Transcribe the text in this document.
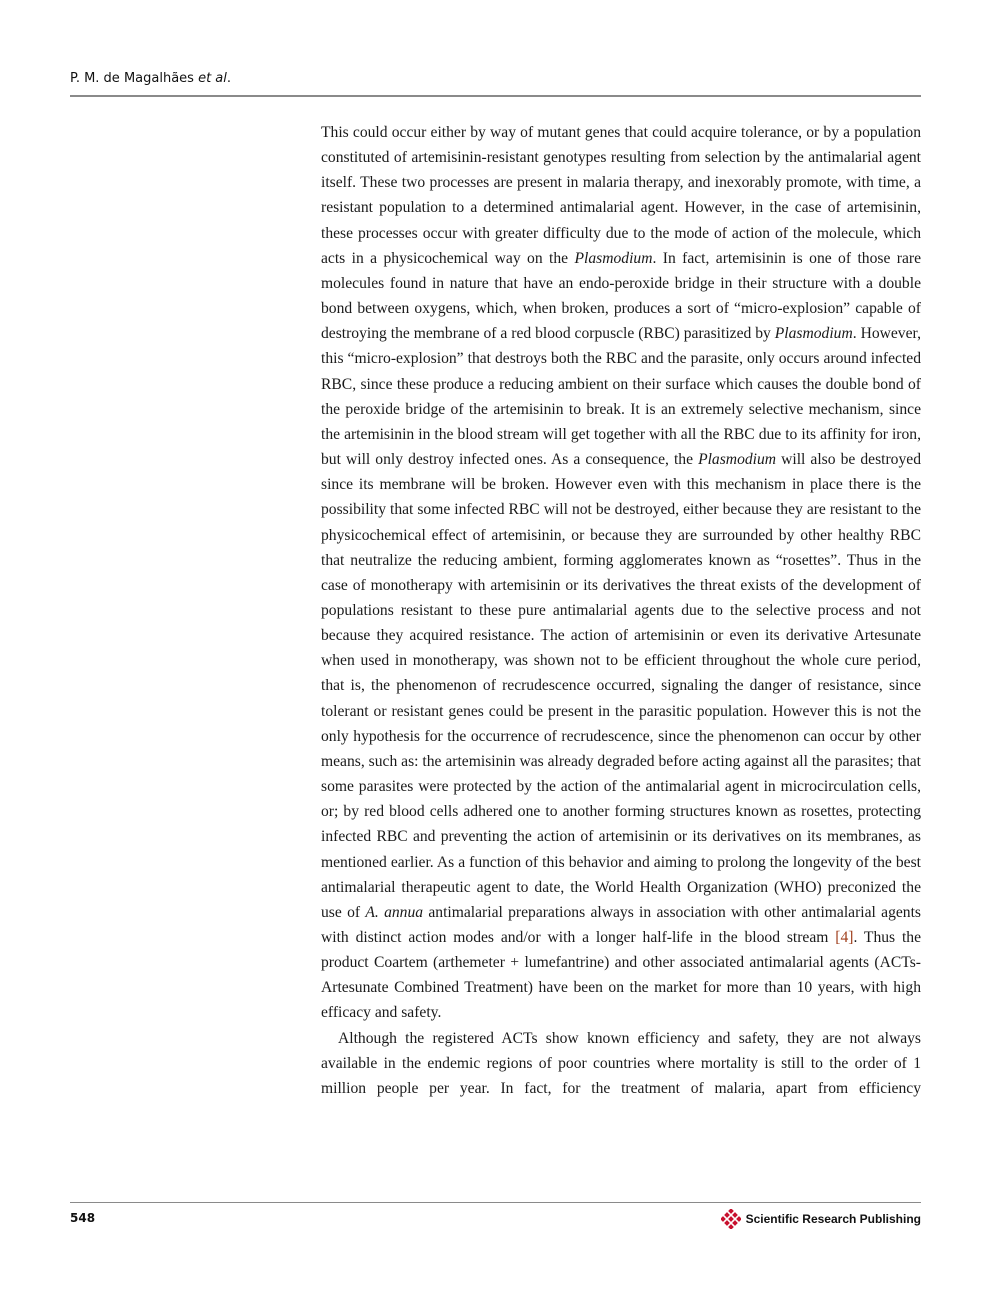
P. M. de Magalhães et al.

This could occur either by way of mutant genes that could acquire tolerance, or by a population constituted of artemisinin-resistant genotypes resulting from selection by the antimalarial agent itself. These two processes are present in malaria therapy, and inexorably promote, with time, a resistant population to a determined antimalarial agent. However, in the case of artemisinin, these processes occur with greater difficulty due to the mode of action of the molecule, which acts in a physicochemical way on the Plasmodium. In fact, artemisinin is one of those rare molecules found in nature that have an endo-peroxide bridge in their structure with a double bond between oxygens, which, when broken, produces a sort of “micro-explosion” capable of destroying the membrane of a red blood corpuscle (RBC) parasitized by Plasmodium. However, this “micro-explosion” that destroys both the RBC and the parasite, only occurs around infected RBC, since these produce a reducing ambient on their surface which causes the double bond of the peroxide bridge of the artemisinin to break. It is an extremely selective mechanism, since the artemisinin in the blood stream will get together with all the RBC due to its affinity for iron, but will only destroy infected ones. As a consequence, the Plasmodium will also be destroyed since its membrane will be broken. However even with this mechanism in place there is the possibility that some infected RBC will not be destroyed, either because they are resistant to the physicochemical effect of artemisinin, or because they are surrounded by other healthy RBC that neutralize the reducing ambient, forming agglomerates known as “rosettes”. Thus in the case of monotherapy with artemisinin or its derivatives the threat exists of the development of populations resistant to these pure antimalarial agents due to the selective process and not because they acquired resistance. The action of artemisinin or even its derivative Artesunate when used in monotherapy, was shown not to be efficient throughout the whole cure period, that is, the phenomenon of recrudescence occurred, signaling the danger of resistance, since tolerant or resistant genes could be present in the parasitic population. However this is not the only hypothesis for the occurrence of recrudescence, since the phenomenon can occur by other means, such as: the artemisinin was already degraded before acting against all the parasites; that some parasites were protected by the action of the antimalarial agent in microcirculation cells, or; by red blood cells adhered one to another forming structures known as rosettes, protecting infected RBC and preventing the action of artemisinin or its derivatives on its membranes, as mentioned earlier. As a function of this behavior and aiming to prolong the longevity of the best antimalarial therapeutic agent to date, the World Health Organization (WHO) preconized the use of A. annua antimalarial preparations always in association with other antimalarial agents with distinct action modes and/or with a longer half-life in the blood stream [4]. Thus the product Coartem (arthemeter + lumefantrine) and other associated antimalarial agents (ACTs-Artesunate Combined Treatment) have been on the market for more than 10 years, with high efficacy and safety.

Although the registered ACTs show known efficiency and safety, they are not always available in the endemic regions of poor countries where mortality is still to the order of 1 million people per year. In fact, for the treatment of malaria, apart from efficiency

548	Scientific Research Publishing
